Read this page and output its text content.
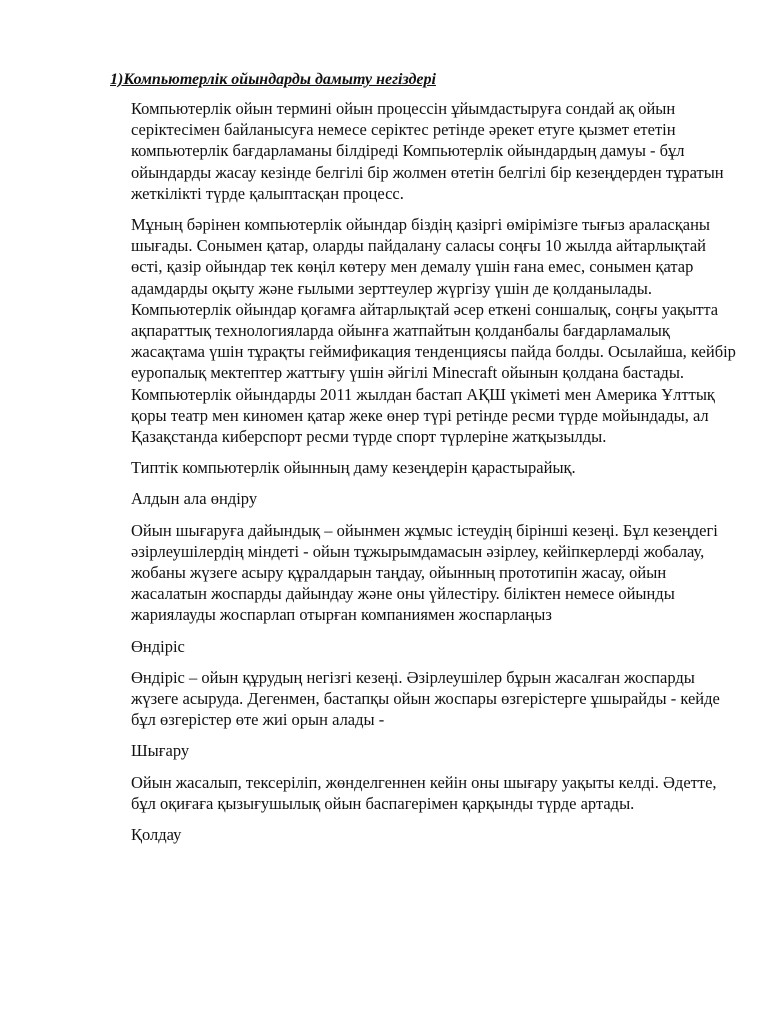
1)Компьютерлік ойындарды дамыту негіздері

Компьютерлік ойын термині ойын процессін ұйымдастыруға сондай ақ ойын серіктесімен байланысуға немесе серіктес ретінде әрекет етуге қызмет ететін компьютерлік бағдарламаны білдіреді Компьютерлік ойындардың дамуы - бұл ойындарды жасау кезінде белгілі бір жолмен өтетін белгілі бір кезеңдерден тұратын жеткілікті түрде қалыптасқан процесс.

Мұның бәрінен компьютерлік ойындар біздің қазіргі өмірімізге тығыз араласқаны шығады. Сонымен қатар, оларды пайдалану саласы соңғы 10 жылда айтарлықтай өсті, қазір ойындар тек көңіл көтеру мен демалу үшін ғана емес, сонымен қатар адамдарды оқыту және ғылыми зерттеулер жүргізу үшін де қолданылады. Компьютерлік ойындар қоғамға айтарлықтай әсер еткені соншалық, соңғы уақытта ақпараттық технологияларда ойынға жатпайтын қолданбалы бағдарламалық жасақтама үшін тұрақты геймификация тенденциясы пайда болды. Осылайша, кейбір еуропалық мектептер жаттығу үшін әйгілі Minecraft ойынын қолдана бастады. Компьютерлік ойындарды 2011 жылдан бастап АҚШ үкіметі мен Америка Ұлттық қоры театр мен киномен қатар жеке өнер түрі ретінде ресми түрде мойындады, ал Қазақстанда киберспорт ресми түрде спорт түрлеріне жатқызылды.

Типтік компьютерлік ойынның даму кезеңдерін қарастырайық.

Алдын ала өндіру

Ойын шығаруға дайындық – ойынмен жұмыс істеудің бірінші кезеңі. Бұл кезеңдегі әзірлеушілердің міндеті - ойын тұжырымдамасын әзірлеу, кейіпкерлерді жобалау, жобаны жүзеге асыру құралдарын таңдау, ойынның прототипін жасау, ойын жасалатын жоспарды дайындау және оны үйлестіру. біліктен немесе ойынды жариялауды жоспарлап отырған компаниямен жоспарлаңыз

Өндіріс

Өндіріс – ойын құрудың негізгі кезеңі. Әзірлеушілер бұрын жасалған жоспарды жүзеге асыруда. Дегенмен, бастапқы ойын жоспары өзгерістерге ұшырайды - кейде бұл өзгерістер өте жиі орын алады -

Шығару

Ойын жасалып, тексеріліп, жөнделгеннен кейін оны шығару уақыты келді. Әдетте, бұл оқиғаға қызығушылық ойын баспагерімен қарқынды түрде артады.

Қолдау
